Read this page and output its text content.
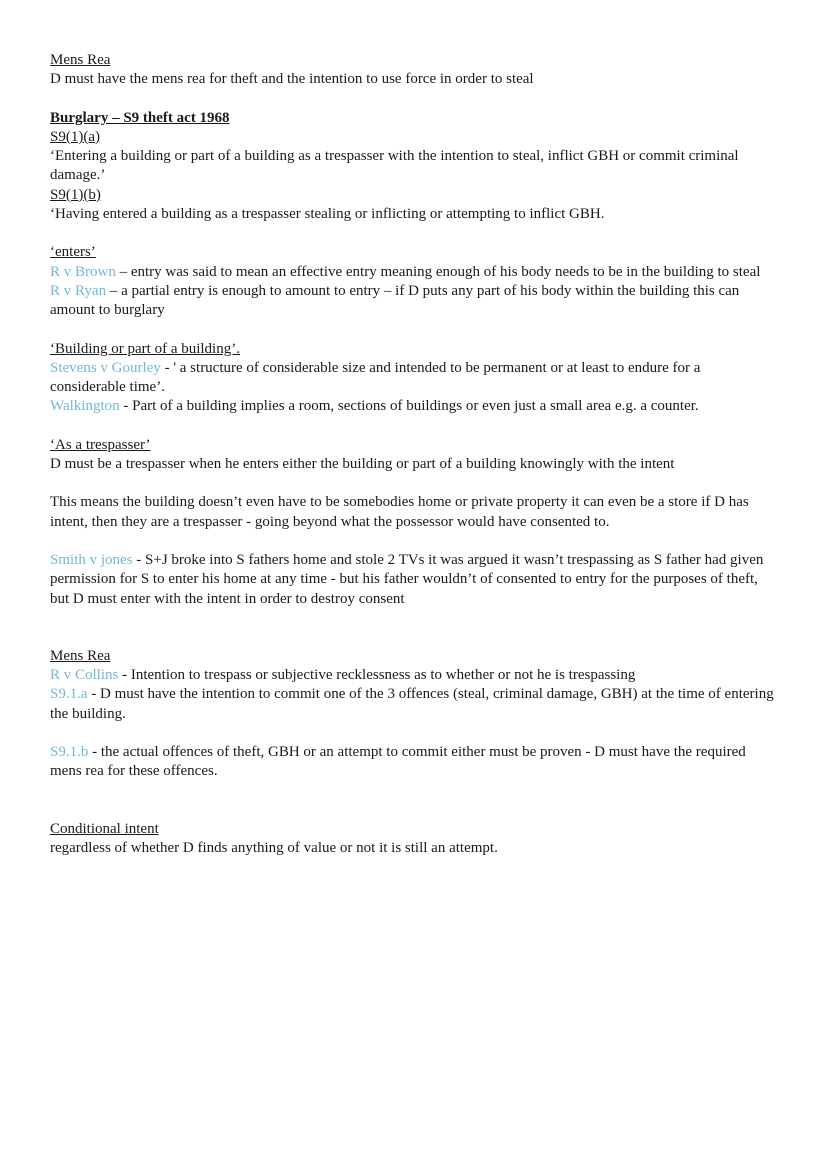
Mens Rea

D must have the mens rea for theft and the intention to use force in order to steal

Burglary – S9 theft act 1968

S9(1)(a)

‘Entering a building or part of a building as a trespasser with the intention to steal, inflict GBH or commit criminal damage.’

S9(1)(b)

‘Having entered a building as a trespasser stealing or inflicting or attempting to inflict GBH.

‘enters’

R v Brown – entry was said to mean an effective entry meaning enough of his body needs to be in the building to steal

R v Ryan – a partial entry is enough to amount to entry – if D puts any part of his body within the building this can amount to burglary

‘Building or part of a building’.

Stevens v Gourley - ' a structure of considerable size and intended to be permanent or at least to endure for a considerable time’.

Walkington - Part of a building implies a room, sections of buildings or even just a small area e.g. a counter.

‘As a trespasser’

D must be a trespasser when he enters either the building or part of a building knowingly with the intent

This means the building doesn’t even have to be somebodies home or private property it can even be a store if D has intent, then they are a trespasser - going beyond what the possessor would have consented to.

Smith v jones - S+J broke into S fathers home and stole 2 TVs it was argued it wasn’t trespassing as S father had given permission for S to enter his home at any time - but his father wouldn’t of consented to entry for the purposes of theft, but D must enter with the intent in order to destroy consent

Mens Rea

R v Collins - Intention to trespass or subjective recklessness as to whether or not he is trespassing

S9.1.a - D must have the intention to commit one of the 3 offences (steal, criminal damage, GBH) at the time of entering the building.

S9.1.b - the actual offences of theft, GBH or an attempt to commit either must be proven - D must have the required mens rea for these offences.

Conditional intent

regardless of whether D finds anything of value or not it is still an attempt.
